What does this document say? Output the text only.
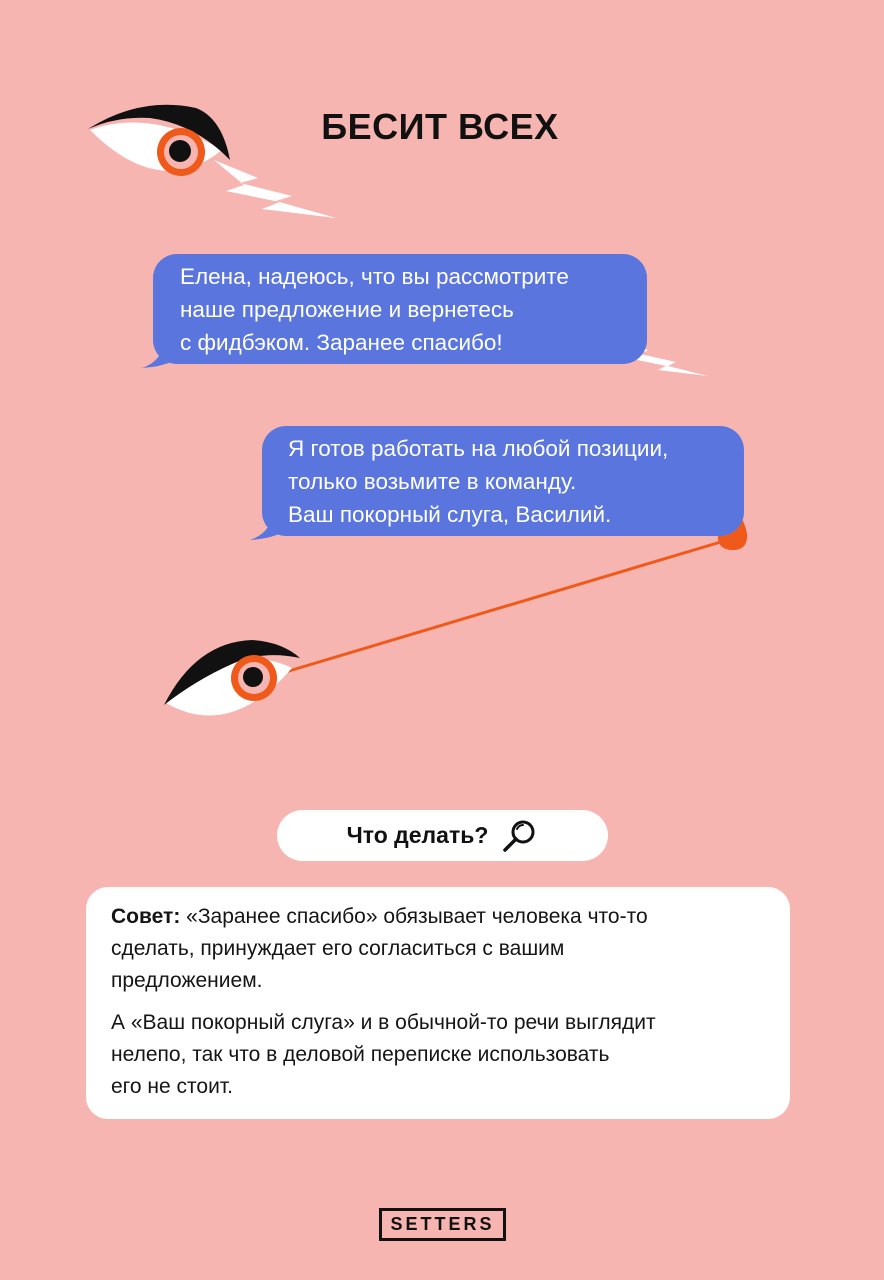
БЕСИТ ВСЕХ
Елена, надеюсь, что вы рассмотрите
наше предложение и вернетесь
с фидбэком. Заранее спасибо!
Я готов работать на любой позиции,
только возьмите в команду.
Ваш покорный слуга, Василий.
Что делать?
Совет: «Заранее спасибо» обязывает человека что-то
сделать, принуждает его согласиться с вашим
предложением.
А «Ваш покорный слуга» и в обычной-то речи выглядит
нелепо, так что в деловой переписке использовать
его не стоит.
SETTERS
